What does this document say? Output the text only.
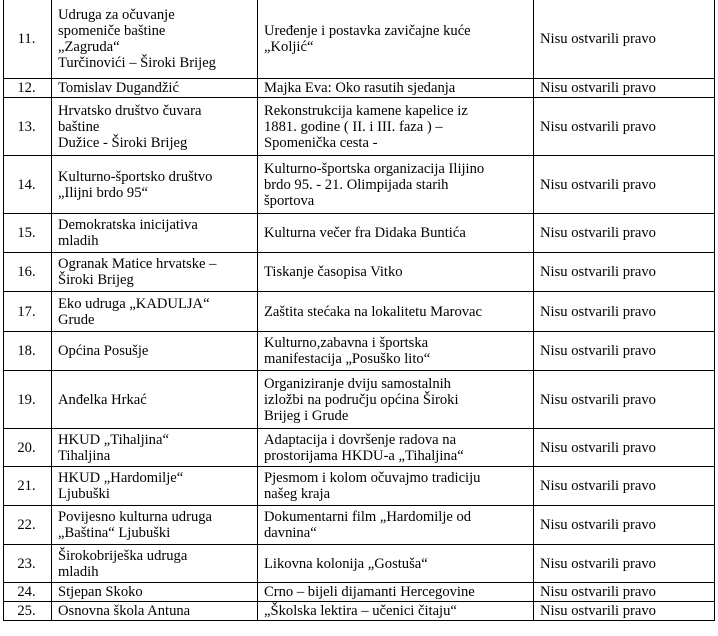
11.	Udruga za očuvanje
spomeniče baštine
„Zagruda“
Turčinovići – Široki Brijeg	Uređenje i postavka zavičajne kuće
„Koljić“	Nisu ostvarili pravo
12.	Tomislav Dugandžić	Majka Eva: Oko rasutih sjedanja	Nisu ostvarili pravo
13.	Hrvatsko društvo čuvara
baštine
Dužice - Široki Brijeg	Rekonstrukcija kamene kapelice iz
1881. godine ( II. i III. faza ) –
Spomenička cesta -	Nisu ostvarili pravo
14.	Kulturno-športsko društvo
„Ilijni brdo 95“	Kulturno-športska organizacija Ilijino
brdo 95. - 21. Olimpijada starih
športova	Nisu ostvarili pravo
15.	Demokratska inicijativa
mladih	Kulturna večer fra Didaka Buntića	Nisu ostvarili pravo
16.	Ogranak Matice hrvatske –
Široki Brijeg	Tiskanje časopisa Vitko	Nisu ostvarili pravo
17.	Eko udruga „KADULJA“
Grude	Zaštita stećaka na lokalitetu Marovac	Nisu ostvarili pravo
18.	Općina Posušje	Kulturno,zabavna i športska
manifestacija „Posuško lito“	Nisu ostvarili pravo
19.	Anđelka Hrkać	Organiziranje dviju samostalnih
izložbi na području općina Široki
Brijeg i Grude	Nisu ostvarili pravo
20.	HKUD „Tihaljina“
Tihaljina	Adaptacija i dovršenje radova na
prostorijama HKDU-a „Tihaljina“	Nisu ostvarili pravo
21.	HKUD „Hardomilje“
Ljubuški	Pjesmom i kolom očuvajmo tradiciju
našeg kraja	Nisu ostvarili pravo
22.	Povijesno kulturna udruga
„Baština“ Ljubuški	Dokumentarni film „Hardomilje od
davnina“	Nisu ostvarili pravo
23.	Širokobriješka udruga
mladih	Likovna kolonija „Gostuša“	Nisu ostvarili pravo
24.	Stjepan Skoko	Crno – bijeli dijamanti Hercegovine	Nisu ostvarili pravo
25.	Osnovna škola Antuna	„Školska lektira – učenici čitaju“	Nisu ostvarili pravo
